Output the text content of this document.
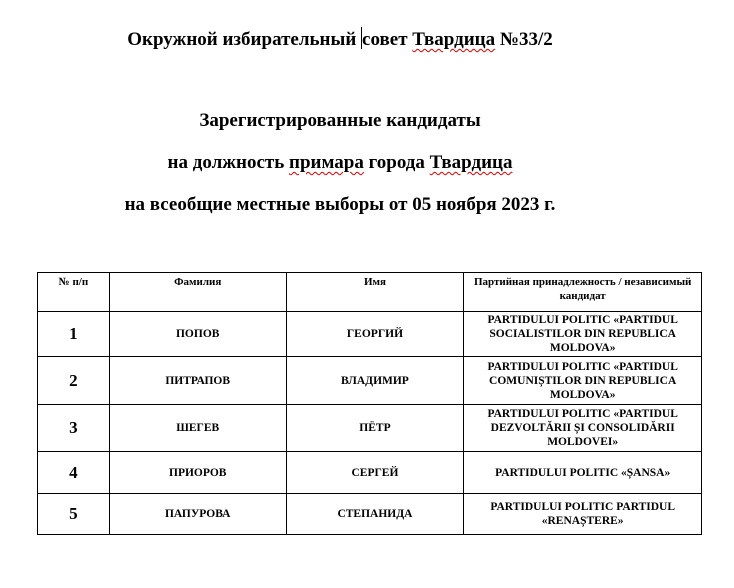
Окружной избирательный совет Твардица №33/2
Зарегистрированные кандидаты
на должность примара города Твардица
на всеобщие местные выборы от 05 ноября 2023 г.
№ п/п	Фамилия	Имя	Партийная принадлежность / независимый кандидат
1	ПОПОВ	ГЕОРГИЙ	PARTIDULUI POLITIC «PARTIDUL SOCIALISTILOR DIN REPUBLICA MOLDOVA»
2	ПИТРАПОВ	ВЛАДИМИР	PARTIDULUI POLITIC «PARTIDUL COMUNIȘTILOR DIN REPUBLICA MOLDOVA»
3	ШЕГЕВ	ПЁТР	PARTIDULUI POLITIC «PARTIDUL DEZVOLTĂRII ȘI CONSOLIDĂRII MOLDOVEI»
4	ПРИОРОВ	СЕРГЕЙ	PARTIDULUI POLITIC «ȘANSA»
5	ПАПУРОВА	СТЕПАНИДА	PARTIDULUI POLITIC PARTIDUL «RENAȘTERE»
